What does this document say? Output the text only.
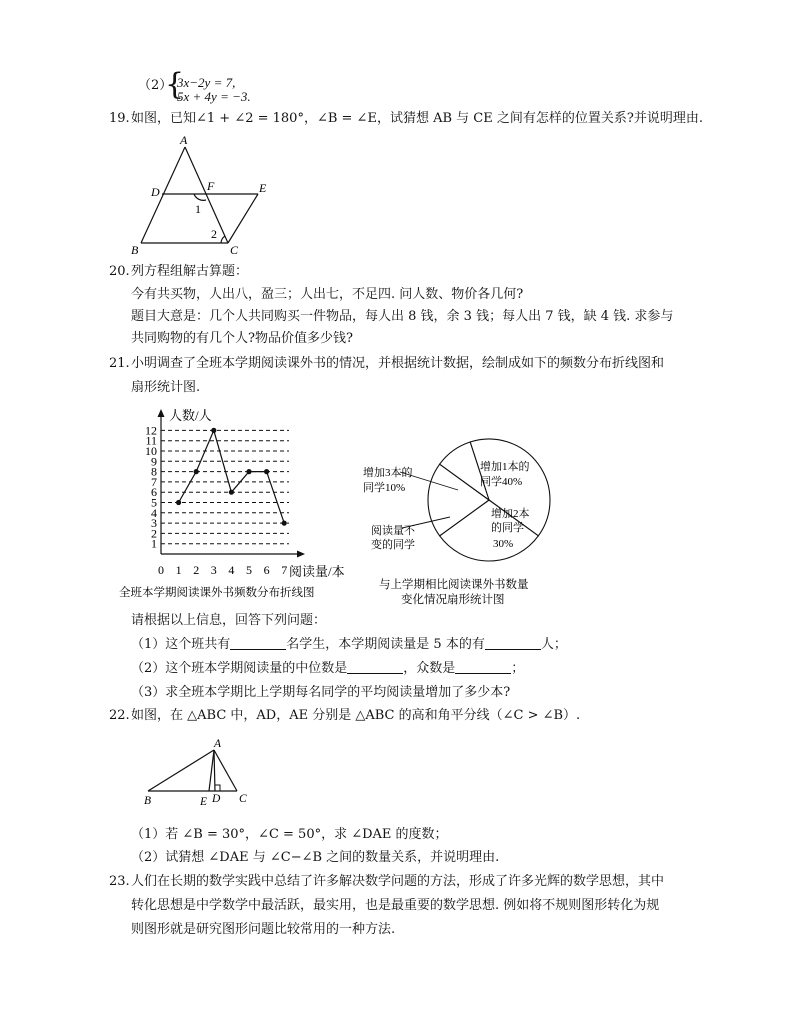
（2）
{
3x−2y = 7,
5x + 4y = −3.
19. 如图，已知∠1 + ∠2 = 180°，∠B = ∠E，试猜想 AB 与 CE 之间有怎样的位置关系?并说明理由.
A
D	F	E
1
2
B	C
20. 列方程组解古算题：
今有共买物，人出八，盈三；人出七，不足四. 问人数、物价各几何?
题目大意是：几个人共同购买一件物品，每人出 8 钱，余 3 钱；每人出 7 钱，缺 4 钱. 求参与
共同购物的有几个人?物品价值多少钱?
21. 小明调查了全班本学期阅读课外书的情况，并根据统计数据，绘制成如下的频数分布折线图和
扇形统计图.
1
2
3
4
5
6
7
8
9
10
11
12
0 1 2 3 4 5 6 7
人数/人
阅读量/本
全班本学期阅读课外书频数分布折线图
增加3本的
同学10%
增加1本的
同学40%
阅读量不
变的同学
增加2本
的同学
30%
与上学期相比阅读课外书数量
变化情况扇形统计图
请根据以上信息，回答下列问题：
（1）这个班共有	名学生，本学期阅读量是 5 本的有	人；
（2）这个班本学期阅读量的中位数是	，众数是	；
（3）求全班本学期比上学期每名同学的平均阅读量增加了多少本?
22. 如图，在 △ABC 中，AD，AE 分别是 △ABC 的高和角平分线（∠C > ∠B）.
A
B	E D C
（1）若 ∠B = 30°，∠C = 50°，求 ∠DAE 的度数；
（2）试猜想 ∠DAE 与 ∠C−∠B 之间的数量关系，并说明理由.
23. 人们在长期的数学实践中总结了许多解决数学问题的方法，形成了许多光辉的数学思想，其中
转化思想是中学数学中最活跃，最实用，也是最重要的数学思想. 例如将不规则图形转化为规
则图形就是研究图形问题比较常用的一种方法.
